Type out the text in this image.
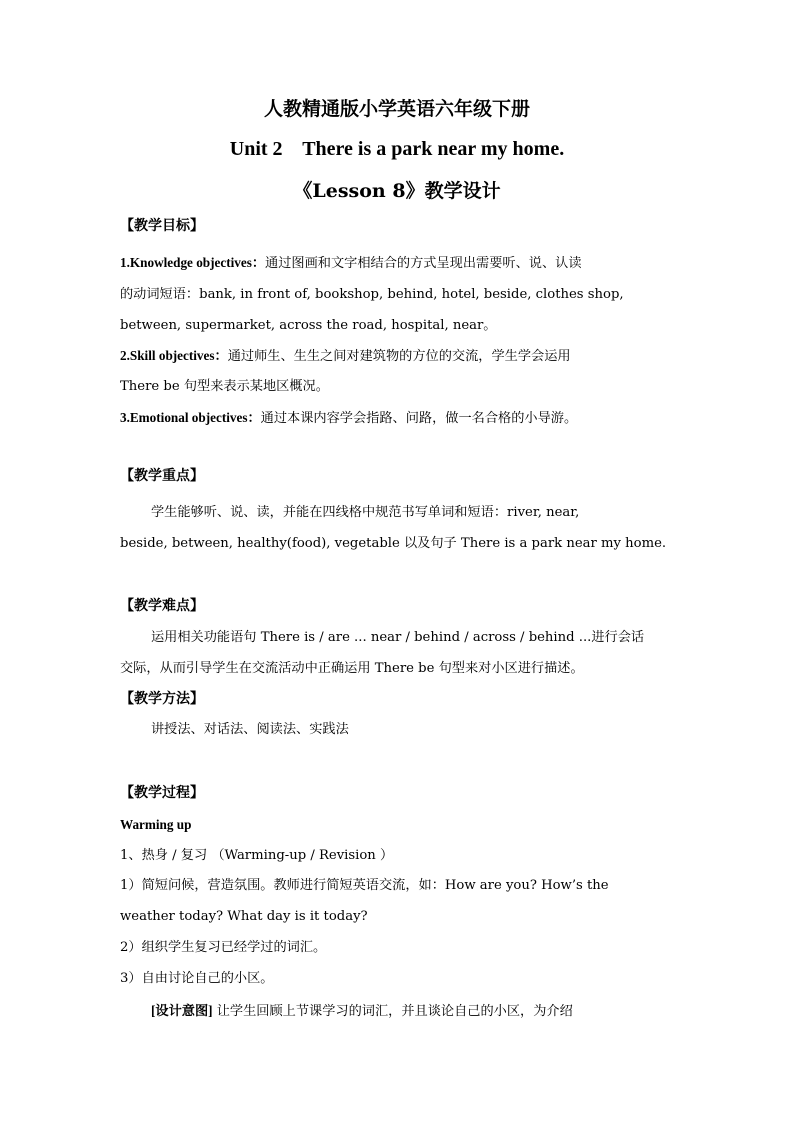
人教精通版小学英语六年级下册
Unit 2    There is a park near my home.
《Lesson 8》教学设计
【教学目标】
1.Knowledge objectives：通过图画和文字相结合的方式呈现出需要听、说、认读
的动词短语：bank, in front of, bookshop, behind, hotel, beside, clothes shop,
between, supermarket, across the road, hospital, near。
2.Skill objectives：通过师生、生生之间对建筑物的方位的交流，学生学会运用
There be 句型来表示某地区概况。
3.Emotional objectives：通过本课内容学会指路、问路，做一名合格的小导游。
【教学重点】
学生能够听、说、读，并能在四线格中规范书写单词和短语：river, near,
beside, between, healthy(food), vegetable 以及句子 There is a park near my home.
【教学难点】
运用相关功能语句 There is / are ... near / behind / across / behind ...进行会话
交际，从而引导学生在交流活动中正确运用 There be 句型来对小区进行描述。
【教学方法】
讲授法、对话法、阅读法、实践法
【教学过程】
Warming up
1、热身 / 复习 （Warming-up / Revision ）
1）简短问候，营造氛围。教师进行简短英语交流，如：How are you? How’s the
weather today? What day is it today?
2）组织学生复习已经学过的词汇。
3）自由讨论自己的小区。
[设计意图] 让学生回顾上节课学习的词汇，并且谈论自己的小区，为介绍
